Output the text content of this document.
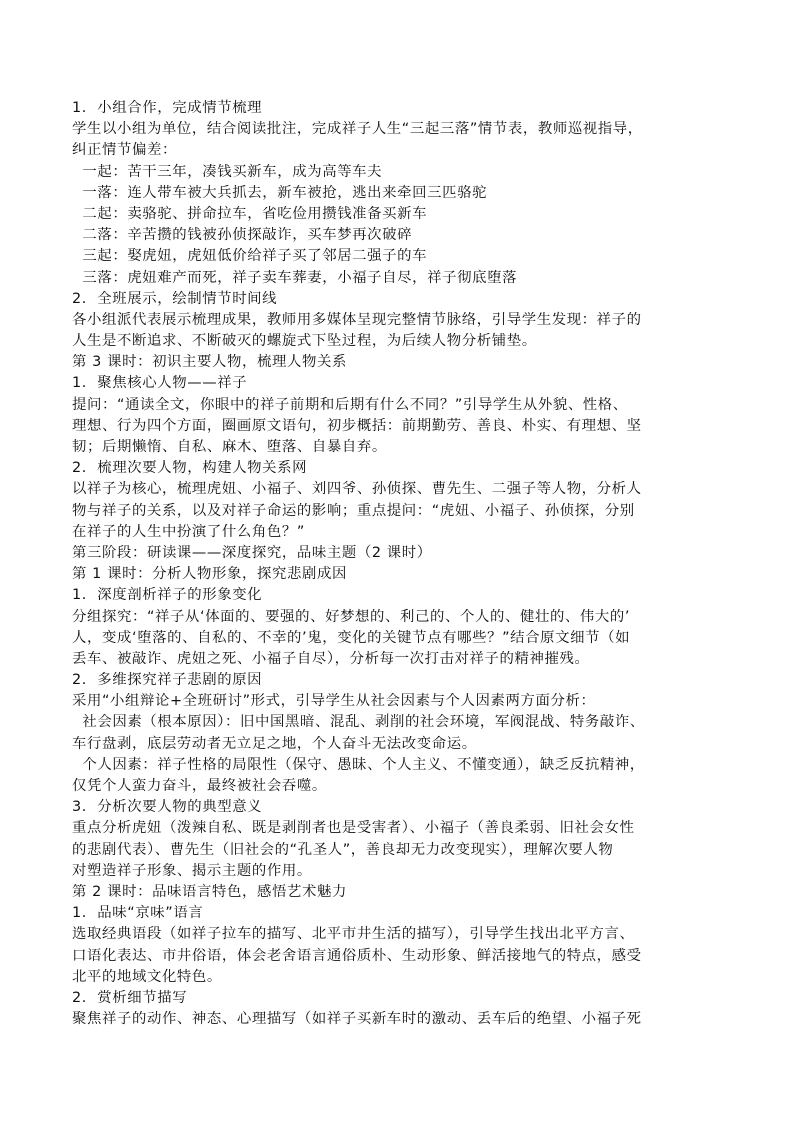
1.  小组合作，完成情节梳理
学生以小组为单位，结合阅读批注，完成祥子人生“三起三落”情节表，教师巡视指导，
纠正情节偏差：
一起：苦干三年，凑钱买新车，成为高等车夫
一落：连人带车被大兵抓去，新车被抢，逃出来牵回三匹骆驼
二起：卖骆驼、拼命拉车，省吃俭用攒钱准备买新车
二落：辛苦攒的钱被孙侦探敲诈，买车梦再次破碎
三起：娶虎妞，虎妞低价给祥子买了邻居二强子的车
三落：虎妞难产而死，祥子卖车葬妻，小福子自尽，祥子彻底堕落
2.  全班展示，绘制情节时间线
各小组派代表展示梳理成果，教师用多媒体呈现完整情节脉络，引导学生发现：祥子的
人生是不断追求、不断破灭的螺旋式下坠过程，为后续人物分析铺垫。
第 3 课时：初识主要人物，梳理人物关系
1.  聚焦核心人物——祥子
提问：“通读全文，你眼中的祥子前期和后期有什么不同？”引导学生从外貌、性格、
理想、行为四个方面，圈画原文语句，初步概括：前期勤劳、善良、朴实、有理想、坚
韧；后期懒惰、自私、麻木、堕落、自暴自弃。
2.  梳理次要人物，构建人物关系网
以祥子为核心，梳理虎妞、小福子、刘四爷、孙侦探、曹先生、二强子等人物，分析人
物与祥子的关系，以及对祥子命运的影响；重点提问：“虎妞、小福子、孙侦探，分别
在祥子的人生中扮演了什么角色？”
第三阶段：研读课——深度探究，品味主题（2 课时）
第 1 课时：分析人物形象，探究悲剧成因
1.  深度剖析祥子的形象变化
分组探究：“祥子从‘体面的、要强的、好梦想的、利己的、个人的、健壮的、伟大的’
人，变成‘堕落的、自私的、不幸的’鬼，变化的关键节点有哪些？”结合原文细节（如
丢车、被敲诈、虎妞之死、小福子自尽），分析每一次打击对祥子的精神摧残。
2.  多维探究祥子悲剧的原因
采用“小组辩论+全班研讨”形式，引导学生从社会因素与个人因素两方面分析：
社会因素（根本原因）：旧中国黑暗、混乱、剥削的社会环境，军阀混战、特务敲诈、
车行盘剥，底层劳动者无立足之地，个人奋斗无法改变命运。
个人因素：祥子性格的局限性（保守、愚昧、个人主义、不懂变通），缺乏反抗精神，
仅凭个人蛮力奋斗，最终被社会吞噬。
3.  分析次要人物的典型意义
重点分析虎妞（泼辣自私、既是剥削者也是受害者）、小福子（善良柔弱、旧社会女性
的悲剧代表）、曹先生（旧社会的“孔圣人”，善良却无力改变现实），理解次要人物
对塑造祥子形象、揭示主题的作用。
第 2 课时：品味语言特色，感悟艺术魅力
1.  品味“京味”语言
选取经典语段（如祥子拉车的描写、北平市井生活的描写），引导学生找出北平方言、
口语化表达、市井俗语，体会老舍语言通俗质朴、生动形象、鲜活接地气的特点，感受
北平的地域文化特色。
2.  赏析细节描写
聚焦祥子的动作、神态、心理描写（如祥子买新车时的激动、丢车后的绝望、小福子死
